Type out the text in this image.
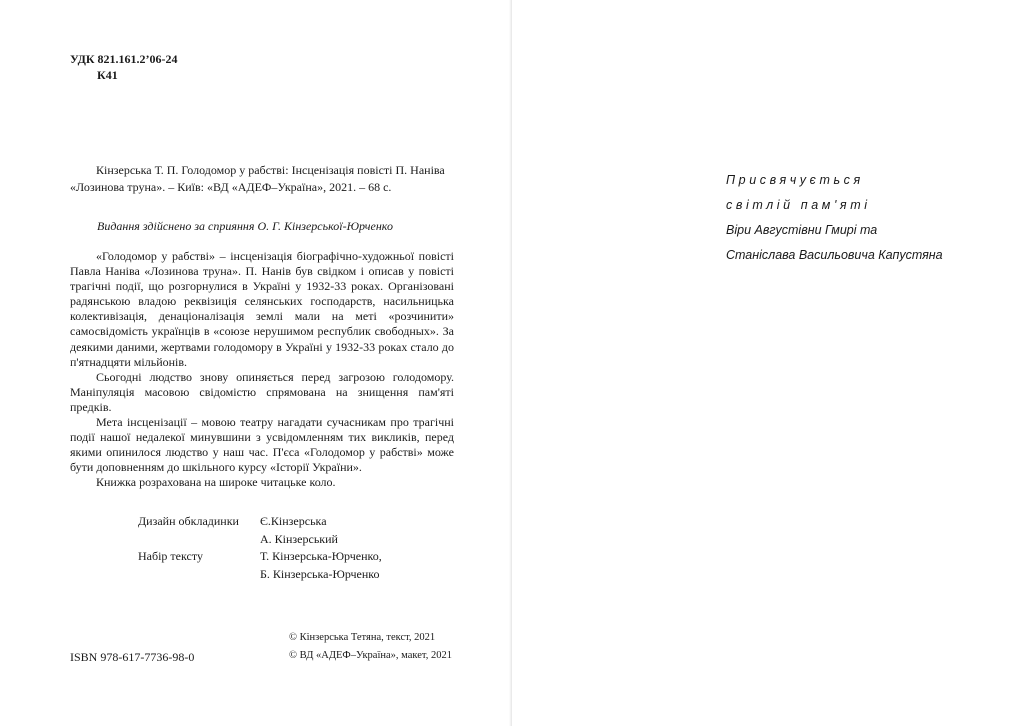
УДК 821.161.2’06-24
К41
Кінзерська Т. П. Голодомор у рабстві: Інсценізація повісті П. Наніва «Лозинова труна». – Київ: «ВД «АДЕФ–Україна», 2021. – 68 с.
Видання здійснено за сприяння О. Г. Кінзерської-Юрченко

«Голодомор у рабстві» – інсценізація біографічно-художньої повісті Павла Наніва «Лозинова труна». П. Нанів був свідком і описав у повісті трагічні події, що розгорнулися в Україні у 1932-33 роках. Організовані радянською владою реквізиція селянських господарств, насильницька колективізація, денаціоналізація землі мали на меті «розчинити» самосвідомість українців в «союзе нерушимом республик свободных». За деякими даними, жертвами голодомору в Україні у 1932-33 роках стало до п'ятнадцяти мільйонів.

Сьогодні людство знову опиняється перед загрозою голодомору. Маніпуляція масовою свідомістю спрямована на знищення пам'яті предків.

Мета інсценізації – мовою театру нагадати сучасникам про трагічні події нашої недалекої минувшини з усвідомленням тих викликів, перед якими опинилося людство у наш час. П'єса «Голодомор у рабстві» може бути доповненням до шкільного курсу «Історії України».

Книжка розрахована на широке читацьке коло.

Дизайн обкладинки Є.Кінзерська
А. Кінзерський
Набір тексту	Т. Кінзерська-Юрченко,
Б. Кінзерська-Юрченко
© Кінзерська Тетяна, текст, 2021
© ВД «АДЕФ–Україна», макет, 2021
ISBN 978-617-7736-98-0
Присвячується
світлій пам'яті
Віри Августівни Гмирі та
Станіслава Васильовича Капустяна
